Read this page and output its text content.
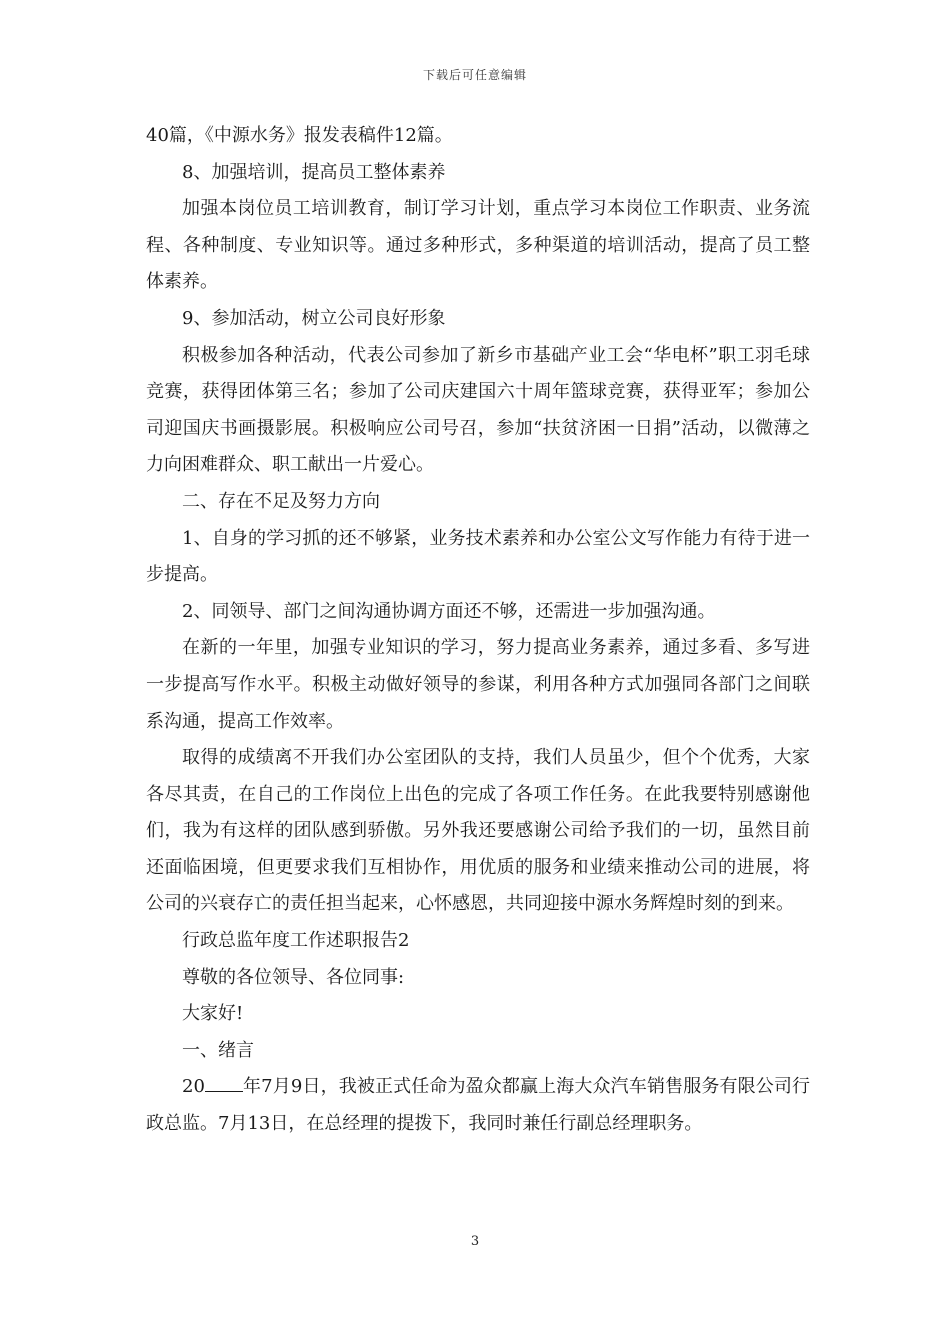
下载后可任意编辑

40篇，《中源水务》报发表稿件12篇。

8、加强培训，提高员工整体素养

加强本岗位员工培训教育，制订学习计划，重点学习本岗位工作职责、业务流程、各种制度、专业知识等。通过多种形式，多种渠道的培训活动，提高了员工整体素养。

9、参加活动，树立公司良好形象

积极参加各种活动，代表公司参加了新乡市基础产业工会“华电杯”职工羽毛球竞赛，获得团体第三名；参加了公司庆建国六十周年篮球竞赛，获得亚军；参加公司迎国庆书画摄影展。积极响应公司号召，参加“扶贫济困一日捐”活动，以微薄之力向困难群众、职工献出一片爱心。

二、存在不足及努力方向

1、自身的学习抓的还不够紧，业务技术素养和办公室公文写作能力有待于进一步提高。

2、同领导、部门之间沟通协调方面还不够，还需进一步加强沟通。

在新的一年里，加强专业知识的学习，努力提高业务素养，通过多看、多写进一步提高写作水平。积极主动做好领导的参谋，利用各种方式加强同各部门之间联系沟通，提高工作效率。

取得的成绩离不开我们办公室团队的支持，我们人员虽少，但个个优秀，大家各尽其责，在自己的工作岗位上出色的完成了各项工作任务。在此我要特别感谢他们，我为有这样的团队感到骄傲。另外我还要感谢公司给予我们的一切，虽然目前还面临困境，但更要求我们互相协作，用优质的服务和业绩来推动公司的进展，将公司的兴衰存亡的责任担当起来，心怀感恩，共同迎接中源水务辉煌时刻的到来。

行政总监年度工作述职报告2

尊敬的各位领导、各位同事:

大家好!

一、绪言

20 年7月9日，我被正式任命为盈众都赢上海大众汽车销售服务有限公司行政总监。7月13日，在总经理的提拨下，我同时兼任行副总经理职务。

3
